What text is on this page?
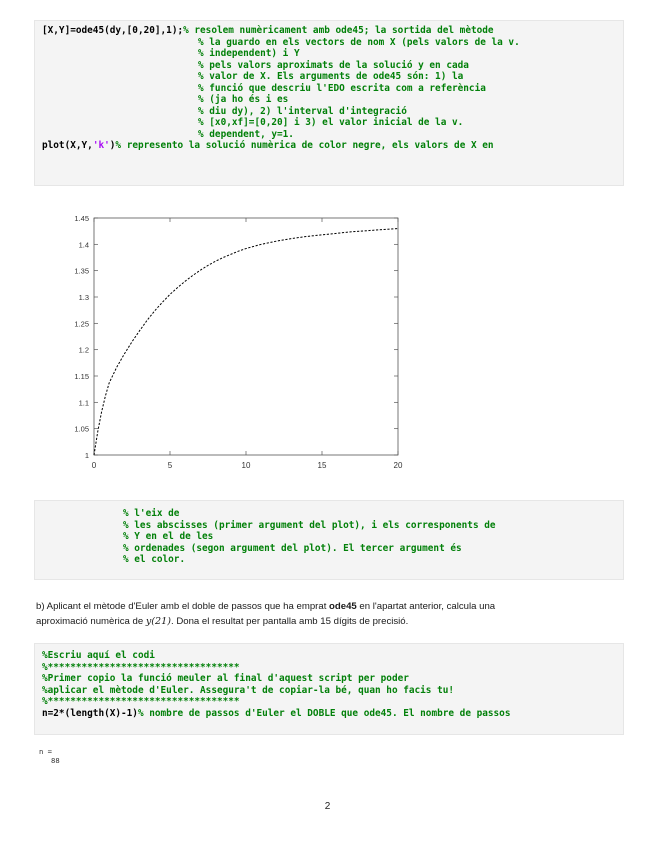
[X,Y]=ode45(dy,[0,20],1);% resolem numèricament amb ode45; la sortida del mètode
% la guardo en els vectors de nom X (pels valors de la v.
% independent) i Y
% pels valors aproximats de la solució y en cada
% valor de X. Els arguments de ode45 són: 1) la
% funció que descriu l'EDO escrita com a referència
% (ja ho és i es
% diu dy), 2) l'interval d'integració
% [x0,xf]=[0,20] i 3) el valor inicial de la v.
% dependent, y=1.
plot(X,Y,'k')% represento la solució numèrica de color negre, els valors de X en
0	5	10	15	20
1
1.05
1.1
1.15
1.2
1.25
1.3
1.35
1.4
1.45
% l'eix de
% les abscisses (primer argument del plot), i els corresponents de
% Y en el de les
% ordenades (segon argument del plot). El tercer argument és
% el color.
b) Aplicant el mètode d'Euler amb el doble de passos que ha emprat ode45 en l'apartat anterior, calcula una
aproximació numèrica de y(21). Dona el resultat per pantalla amb 15 dígits de precisió.
%Escriu aquí el codi
%**********************************
%Primer copio la funció meuler al final d'aquest script per poder
%aplicar el mètode d'Euler. Assegura't de copiar-la bé, quan ho facis tu!
%**********************************
n=2*(length(X)-1)% nombre de passos d'Euler el DOBLE que ode45. El nombre de passos
n =
88
2
